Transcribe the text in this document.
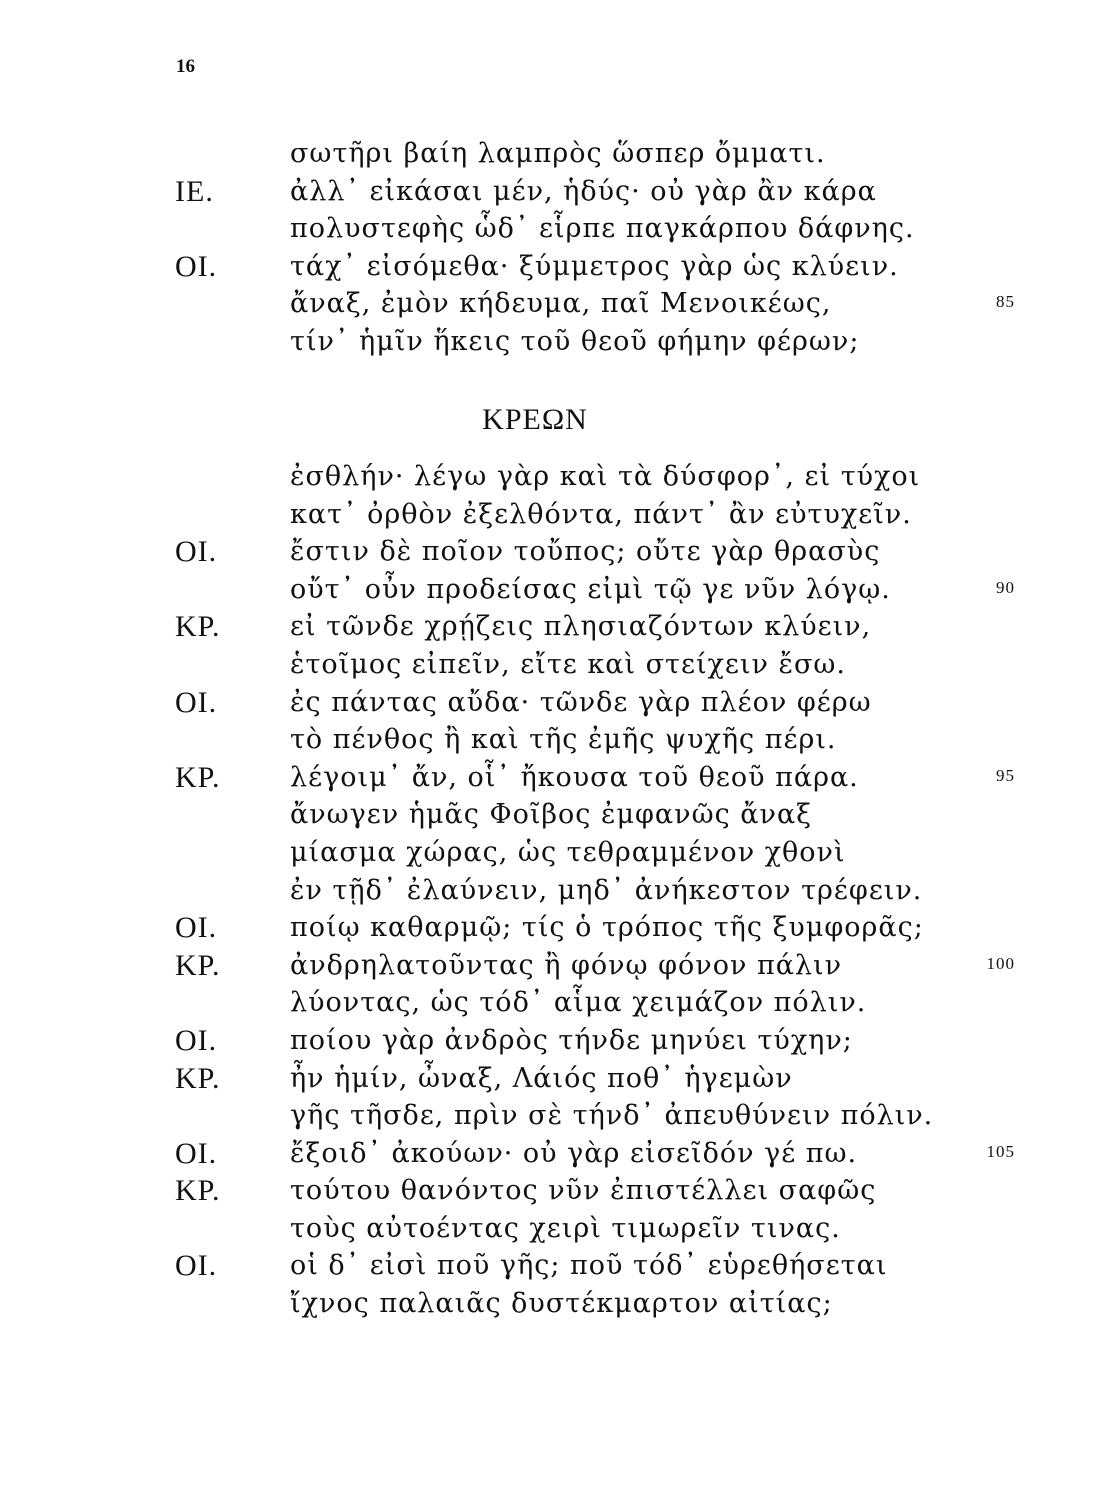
16
σωτῆρι βαίη λαμπρὸς ὥσπερ ὄμματι.
ΙΕ.	ἀλλ᾽ εἰκάσαι μέν, ἡδύς· οὐ γὰρ ἂν κάρα
πολυστεφὴς ὧδ᾽ εἷρπε παγκάρπου δάφνης.
ΟΙ.	τάχ᾽ εἰσόμεθα· ξύμμετρος γὰρ ὡς κλύειν.
ἄναξ, ἐμὸν κήδευμα, παῖ Μενοικέως,	85
τίν᾽ ἡμῖν ἥκεις τοῦ θεοῦ φήμην φέρων;
ΚΡΕΩΝ
ἐσθλήν· λέγω γὰρ καὶ τὰ δύσφορ᾽, εἰ τύχοι
κατ᾽ ὀρθὸν ἐξελθόντα, πάντ᾽ ἂν εὐτυχεῖν.
ΟΙ.	ἔστιν δὲ ποῖον τοὔπος; οὔτε γὰρ θρασὺς
οὔτ᾽ οὖν προδείσας εἰμὶ τῷ γε νῦν λόγῳ.	90
ΚΡ.	εἰ τῶνδε χρῄζεις πλησιαζόντων κλύειν,
ἑτοῖμος εἰπεῖν, εἴτε καὶ στείχειν ἔσω.
ΟΙ.	ἐς πάντας αὔδα· τῶνδε γὰρ πλέον φέρω
τὸ πένθος ἢ καὶ τῆς ἐμῆς ψυχῆς πέρι.
ΚΡ.	λέγοιμ᾽ ἄν, οἷ᾽ ἤκουσα τοῦ θεοῦ πάρα.	95
ἄνωγεν ἡμᾶς Φοῖβος ἐμφανῶς ἄναξ
μίασμα χώρας, ὡς τεθραμμένον χθονὶ
ἐν τῇδ᾽ ἐλαύνειν, μηδ᾽ ἀνήκεστον τρέφειν.
ΟΙ.	ποίῳ καθαρμῷ; τίς ὁ τρόπος τῆς ξυμφορᾶς;
ΚΡ.	ἀνδρηλατοῦντας ἢ φόνῳ φόνον πάλιν	100
λύοντας, ὡς τόδ᾽ αἷμα χειμάζον πόλιν.
ΟΙ.	ποίου γὰρ ἀνδρὸς τήνδε μηνύει τύχην;
ΚΡ.	ἦν ἡμίν, ὦναξ, Λάιός ποθ᾽ ἡγεμὼν
γῆς τῆσδε, πρὶν σὲ τήνδ᾽ ἀπευθύνειν πόλιν.
ΟΙ.	ἔξοιδ᾽ ἀκούων· οὐ γὰρ εἰσεῖδόν γέ πω.	105
ΚΡ.	τούτου θανόντος νῦν ἐπιστέλλει σαφῶς
τοὺς αὐτοέντας χειρὶ τιμωρεῖν τινας.
ΟΙ.	οἱ δ᾽ εἰσὶ ποῦ γῆς; ποῦ τόδ᾽ εὑρεθήσεται
ἴχνος παλαιᾶς δυστέκμαρτον αἰτίας;
